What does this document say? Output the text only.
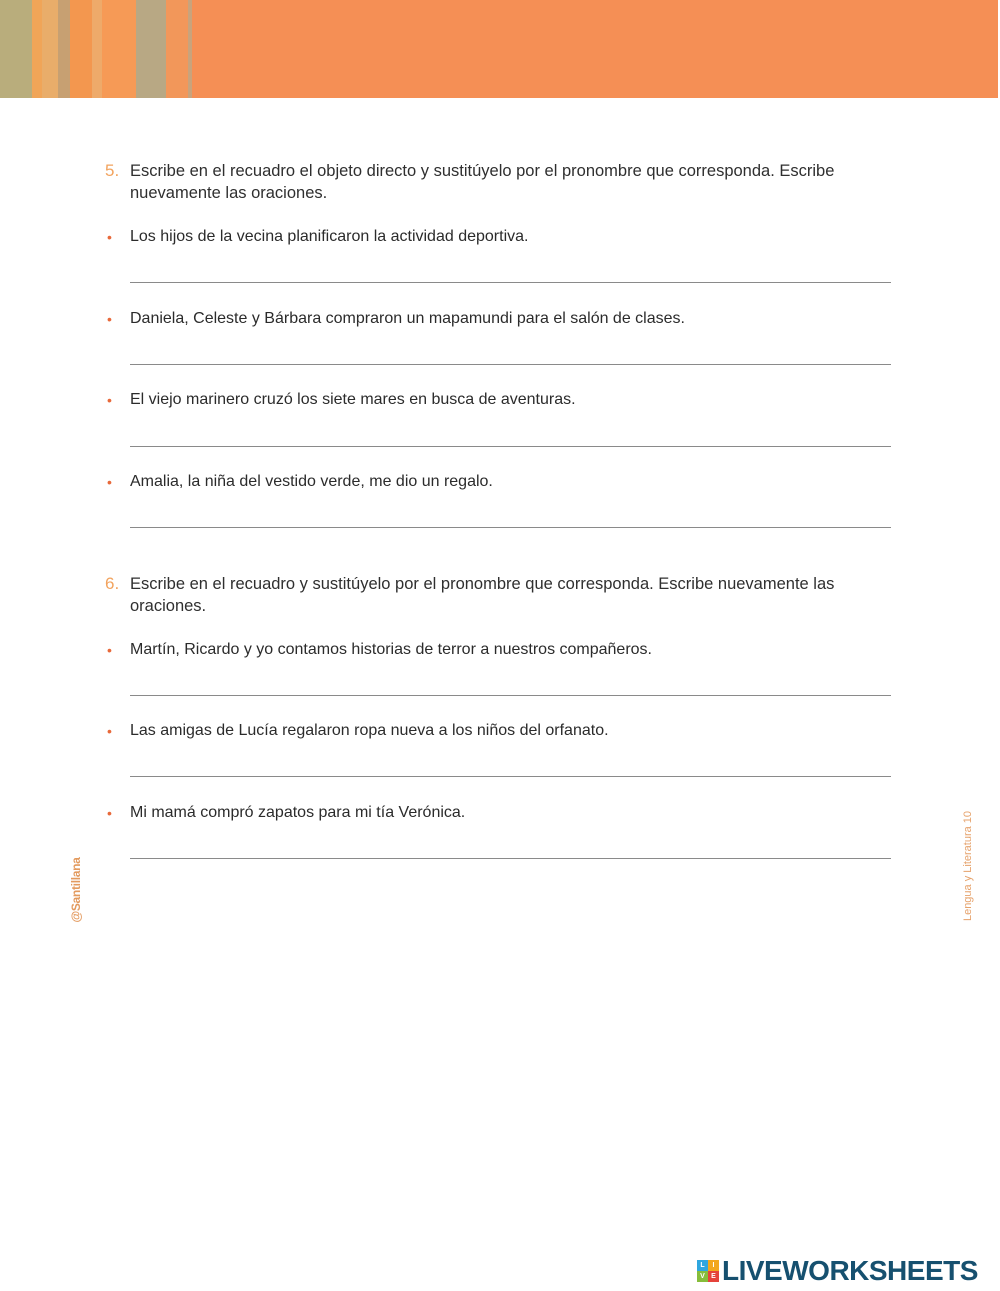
5. Escribe en el recuadro el objeto directo y sustitúyelo por el pronombre que corresponda. Escribe
nuevamente las oraciones.
• Los hijos de la vecina planificaron la actividad deportiva.
• Daniela, Celeste y Bárbara compraron un mapamundi para el salón de clases.
• El viejo marinero cruzó los siete mares en busca de aventuras.
• Amalia, la niña del vestido verde, me dio un regalo.
6. Escribe en el recuadro y sustitúyelo por el pronombre que corresponda. Escribe nuevamente las
oraciones.
• Martín, Ricardo y yo contamos historias de terror a nuestros compañeros.
• Las amigas de Lucía regalaron ropa nueva a los niños del orfanato.
• Mi mamá compró zapatos para mi tía Verónica.
@Santillana	Lengua y Literatura 10
L	I
V E LIVEWORKSHEETS
